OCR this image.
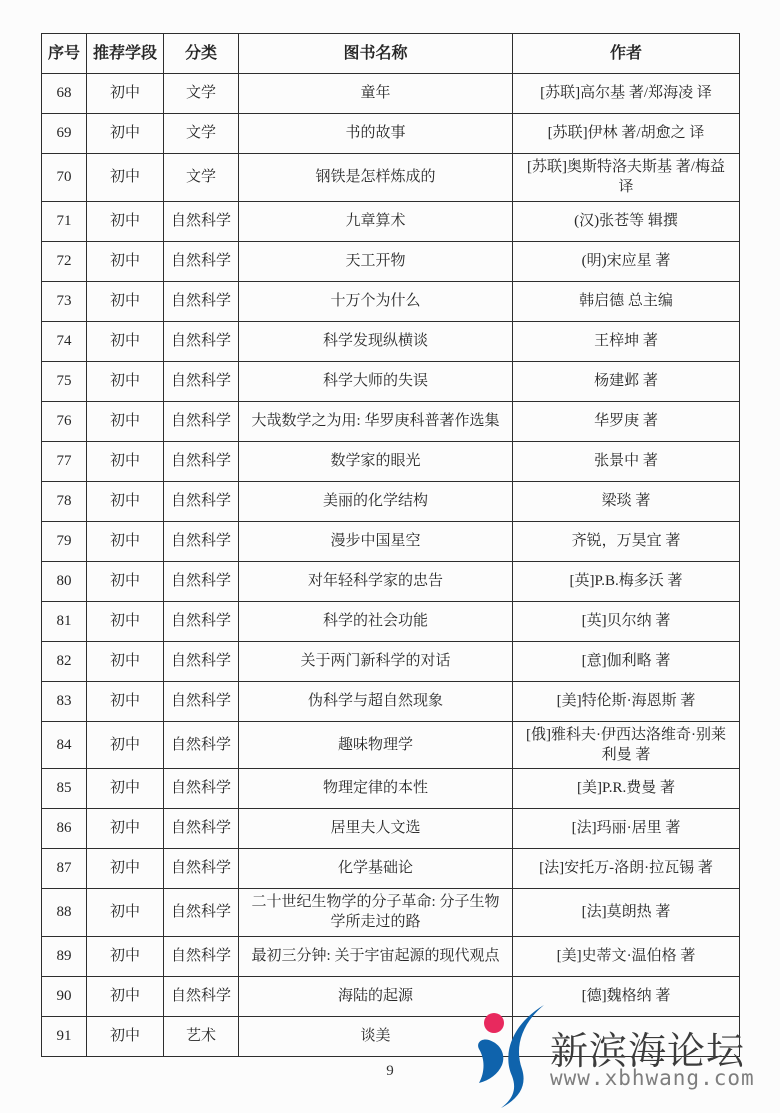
序号	推荐学段	分类	图书名称	作者
68	初中	文学	童年	[苏联]高尔基 著/郑海凌 译
69	初中	文学	书的故事	[苏联]伊林 著/胡愈之 译
70	初中	文学	钢铁是怎样炼成的	[苏联]奥斯特洛夫斯基 著/梅益 译
71	初中	自然科学	九章算术	(汉)张苍等 辑撰
72	初中	自然科学	天工开物	(明)宋应星 著
73	初中	自然科学	十万个为什么	韩启德 总主编
74	初中	自然科学	科学发现纵横谈	王梓坤 著
75	初中	自然科学	科学大师的失误	杨建邺 著
76	初中	自然科学	大哉数学之为用: 华罗庚科普著作选集	华罗庚 著
77	初中	自然科学	数学家的眼光	张景中 著
78	初中	自然科学	美丽的化学结构	梁琰 著
79	初中	自然科学	漫步中国星空	齐锐，万昊宜 著
80	初中	自然科学	对年轻科学家的忠告	[英]P.B.梅多沃 著
81	初中	自然科学	科学的社会功能	[英]贝尔纳 著
82	初中	自然科学	关于两门新科学的对话	[意]伽利略 著
83	初中	自然科学	伪科学与超自然现象	[美]特伦斯·海恩斯 著
84	初中	自然科学	趣味物理学	[俄]雅科夫·伊西达洛维奇·别莱利曼 著
85	初中	自然科学	物理定律的本性	[美]P.R.费曼 著
86	初中	自然科学	居里夫人文选	[法]玛丽·居里 著
87	初中	自然科学	化学基础论	[法]安托万-洛朗·拉瓦锡 著
88	初中	自然科学	二十世纪生物学的分子革命: 分子生物学所走过的路	[法]莫朗热 著
89	初中	自然科学	最初三分钟: 关于宇宙起源的现代观点	[美]史蒂文·温伯格 著
90	初中	自然科学	海陆的起源	[德]魏格纳 著
91	初中	艺术	谈美	
9	新滨海论坛
www.xbhwang.com
